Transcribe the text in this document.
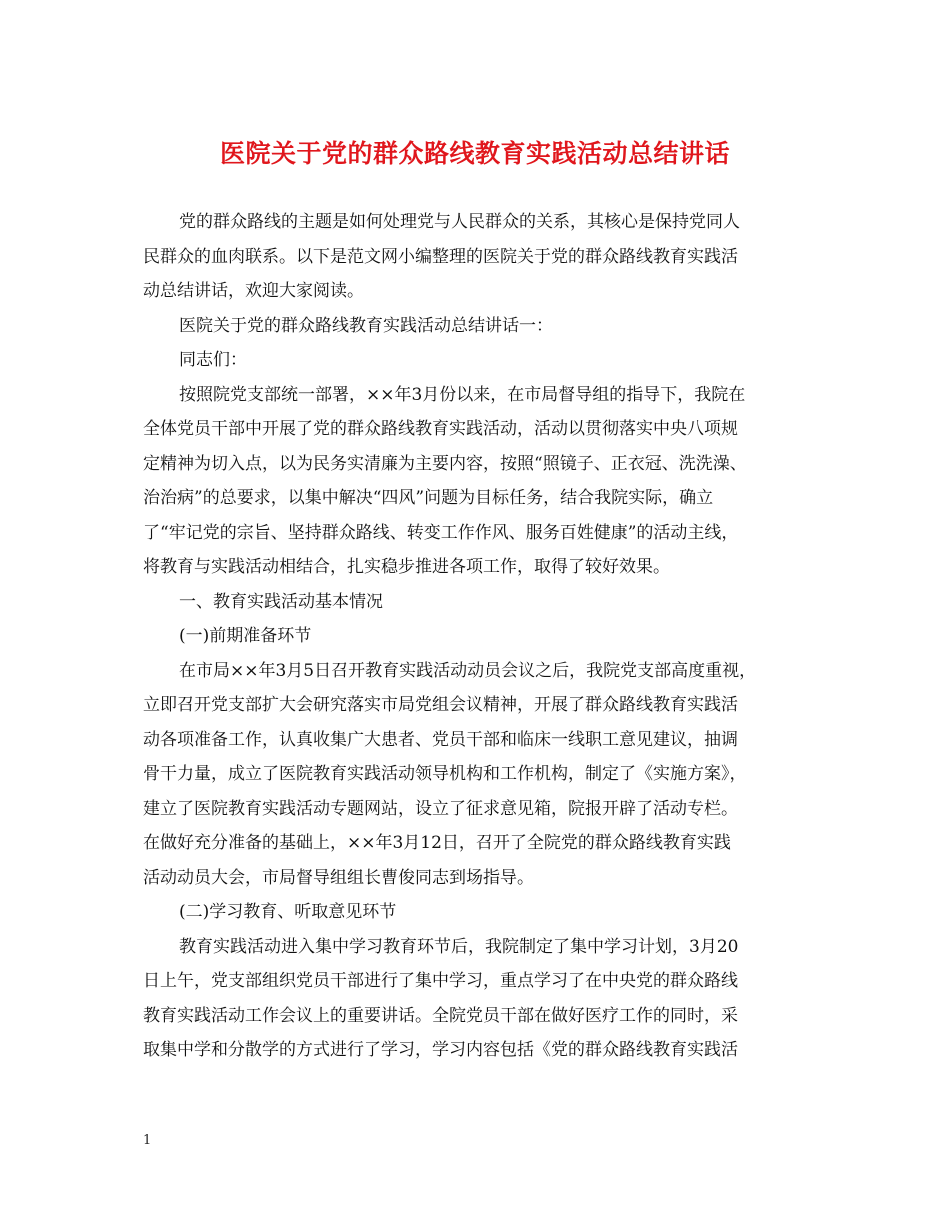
医院关于党的群众路线教育实践活动总结讲话
党的群众路线的主题是如何处理党与人民群众的关系，其核心是保持党同人
民群众的血肉联系。以下是范文网小编整理的医院关于党的群众路线教育实践活
动总结讲话，欢迎大家阅读。
医院关于党的群众路线教育实践活动总结讲话一：
同志们：
按照院党支部统一部署，××年3月份以来，在市局督导组的指导下，我院在
全体党员干部中开展了党的群众路线教育实践活动，活动以贯彻落实中央八项规
定精神为切入点，以为民务实清廉为主要内容，按照“照镜子、正衣冠、洗洗澡、
治治病”的总要求，以集中解决“四风”问题为目标任务，结合我院实际，确立
了“牢记党的宗旨、坚持群众路线、转变工作作风、服务百姓健康”的活动主线，
将教育与实践活动相结合，扎实稳步推进各项工作，取得了较好效果。
一、教育实践活动基本情况
(一)前期准备环节
在市局××年3月5日召开教育实践活动动员会议之后，我院党支部高度重视，
立即召开党支部扩大会研究落实市局党组会议精神，开展了群众路线教育实践活
动各项准备工作，认真收集广大患者、党员干部和临床一线职工意见建议，抽调
骨干力量，成立了医院教育实践活动领导机构和工作机构，制定了《实施方案》，
建立了医院教育实践活动专题网站，设立了征求意见箱，院报开辟了活动专栏。
在做好充分准备的基础上，××年3月12日，召开了全院党的群众路线教育实践
活动动员大会，市局督导组组长曹俊同志到场指导。
(二)学习教育、听取意见环节
教育实践活动进入集中学习教育环节后，我院制定了集中学习计划，3月20
日上午，党支部组织党员干部进行了集中学习，重点学习了在中央党的群众路线
教育实践活动工作会议上的重要讲话。全院党员干部在做好医疗工作的同时，采
取集中学和分散学的方式进行了学习，学习内容包括《党的群众路线教育实践活
1
